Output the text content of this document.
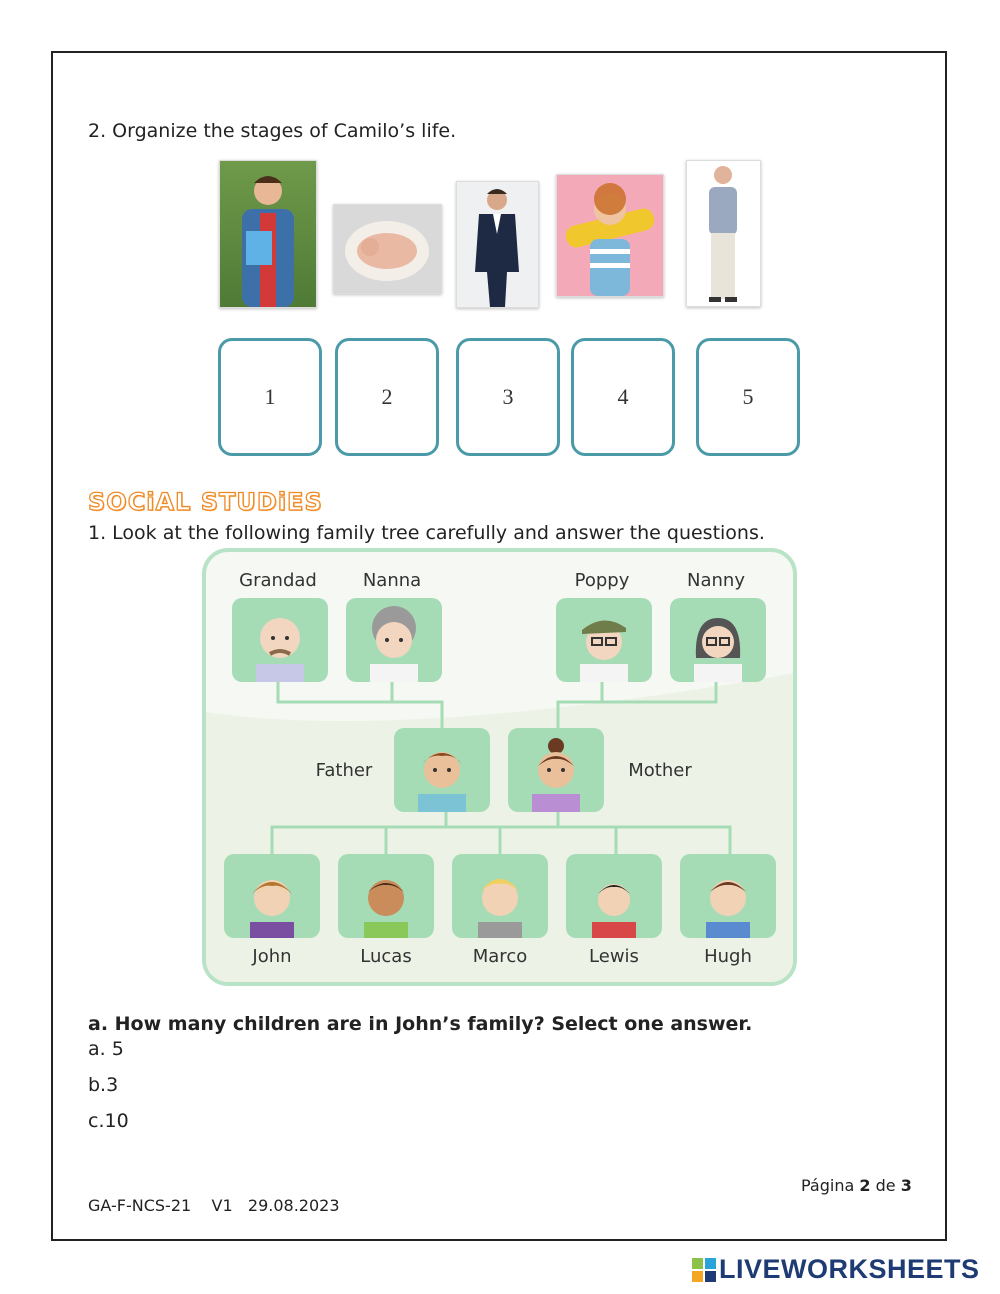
2. Organize the stages of Camilo’s life.
1	2	3	4	5
SOCiAL STUDiES
1. Look at the following family tree carefully and answer the questions.
Grandad	Nanna	Poppy	Nanny
Father	Mother
John	Lucas	Marco	Lewis	Hugh
a. How many children are in John’s family? Select one answer.
a. 5
b.3
c.10
Página 2 de 3
GA-F-NCS-21    V1   29.08.2023
LIVEWORKSHEETS
